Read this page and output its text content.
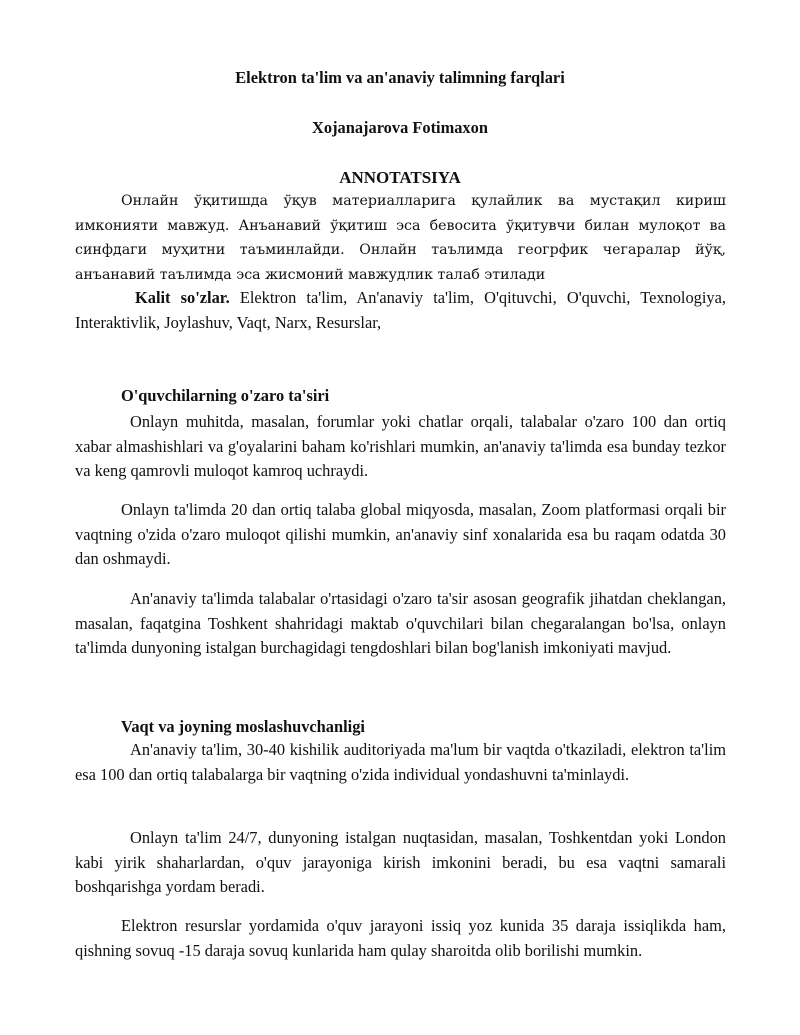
Elektron ta'lim va an'anaviy talimning farqlari
Xojanajarova Fotimaxon
ANNOTATSIYA
Онлайн ўқитишда ўқув материалларига қулайлик ва мустақил кириш имконияти мавжуд. Анъанавий ўқитиш эса бевосита ўқитувчи билан мулоқот ва синфдаги муҳитни таъминлайди. Онлайн таълимда геогрфик чегаралар йўқ, анъанавий таълимда эса жисмоний мавжудлик талаб этилади
Kalit so'zlar. Elektron ta'lim, An'anaviy ta'lim, O'qituvchi, O'quvchi, Texnologiya, Interaktivlik, Joylashuv, Vaqt, Narx, Resurslar,
O'quvchilarning o'zaro ta'siri
Onlayn muhitda, masalan, forumlar yoki chatlar orqali, talabalar o'zaro 100 dan ortiq xabar almashishlari va g'oyalarini baham ko'rishlari mumkin, an'anaviy ta'limda esa bunday tezkor va keng qamrovli muloqot kamroq uchraydi.
Onlayn ta'limda 20 dan ortiq talaba global miqyosda, masalan, Zoom platformasi orqali bir vaqtning o'zida o'zaro muloqot qilishi mumkin, an'anaviy sinf xonalarida esa bu raqam odatda 30 dan oshmaydi.
An'anaviy ta'limda talabalar o'rtasidagi o'zaro ta'sir asosan geografik jihatdan cheklangan, masalan, faqatgina Toshkent shahridagi maktab o'quvchilari bilan chegaralangan bo'lsa, onlayn ta'limda dunyoning istalgan burchagidagi tengdoshlari bilan bog'lanish imkoniyati mavjud.
Vaqt va joyning moslashuvchanligi
An'anaviy ta'lim, 30-40 kishilik auditoriyada ma'lum bir vaqtda o'tkaziladi, elektron ta'lim esa 100 dan ortiq talabalarga bir vaqtning o'zida individual yondashuvni ta'minlaydi.
Onlayn ta'lim 24/7, dunyoning istalgan nuqtasidan, masalan, Toshkentdan yoki London kabi yirik shaharlardan, o'quv jarayoniga kirish imkonini beradi, bu esa vaqtni samarali boshqarishga yordam beradi.
Elektron resurslar yordamida o'quv jarayoni issiq yoz kunida 35 daraja issiqlikda ham, qishning sovuq -15 daraja sovuq kunlarida ham qulay sharoitda olib borilishi mumkin.
